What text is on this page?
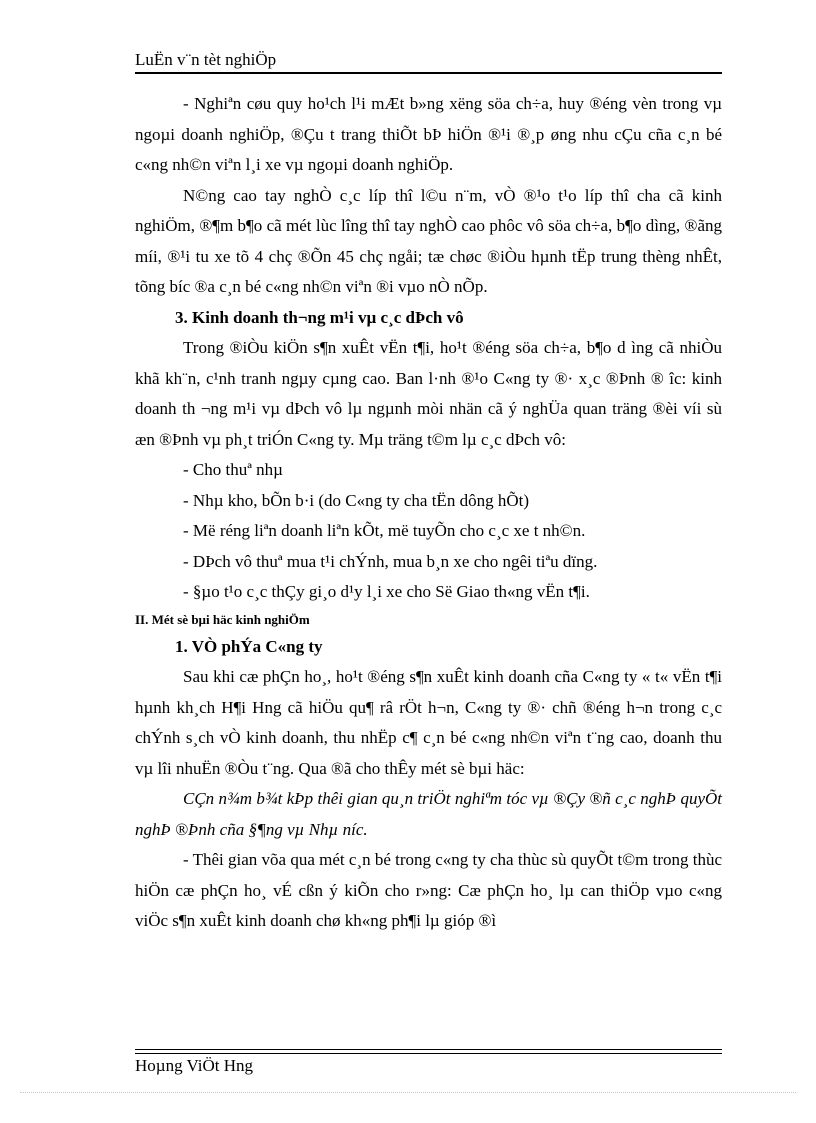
LuËn v¨n tèt nghiÖp

- Nghiªn cøu quy ho¹ch l¹i mÆt b»ng xëng söa ch÷a, huy ®éng vèn trong vµ ngoµi doanh nghiÖp, ®Çu t trang thiÕt bÞ hiÖn ®¹i ®¸p øng nhu cÇu cña c¸n bé c«ng nh©n viªn l¸i xe vµ ngoµi doanh nghiÖp.

N©ng cao tay nghÒ c¸c líp thî l©u n¨m, vÒ ®¹o t¹o líp thî cha cã kinh nghiÖm, ®¶m b¶o cã mét lùc lîng thî tay nghÒ cao phôc vô söa ch÷a, b¶o dìng, ®ãng míi, ®¹i tu xe tõ 4 chç ®Õn 45 chç ngåi; tæ chøc ®iÒu hµnh tËp trung thèng nhÊt, tõng bíc ®a c¸n bé c«ng nh©n viªn ®i vµo nÒ nÕp.

3. Kinh doanh th¬ng m¹i vµ c¸c dÞch vô

Trong ®iÒu kiÖn s¶n xuÊt vËn t¶i, ho¹t ®éng söa ch÷a, b¶o d ìng cã nhiÒu khã kh¨n, c¹nh tranh ngµy cµng cao. Ban l·nh ®¹o C«ng ty ®· x¸c ®Þnh ® îc: kinh doanh th ¬ng m¹i vµ dÞch vô lµ ngµnh mòi nhän cã ý nghÜa quan träng ®èi víi sù æn ®Þnh vµ ph¸t triÓn C«ng ty. Mµ träng t©m lµ c¸c dÞch vô:

- Cho thuª nhµ

- Nhµ kho, bÕn b·i (do C«ng ty cha tËn dông hÕt)

- Më réng liªn doanh liªn kÕt, më tuyÕn cho c¸c xe t nh©n.

- DÞch vô thuª mua t¹i chÝnh, mua b¸n xe cho ngêi tiªu dïng.

- §µo t¹o c¸c thÇy gi¸o d¹y l¸i xe cho Së Giao th«ng vËn t¶i.

II. Mét sè bµi häc kinh nghiÖm

1. VÒ phÝa C«ng ty

Sau khi cæ phÇn ho¸, ho¹t ®éng s¶n xuÊt kinh doanh cña C«ng ty « t« vËn t¶i hµnh kh¸ch H¶i Hng cã hiÖu qu¶ râ rÖt h¬n, C«ng ty ®· chñ ®éng h¬n trong c¸c chÝnh s¸ch vÒ kinh doanh, thu nhËp c¶ c¸n bé c«ng nh©n viªn t¨ng cao, doanh thu vµ lîi nhuËn ®Òu t¨ng. Qua ®ã cho thÊy mét sè bµi häc:

CÇn n¾m b¾t kÞp thêi gian qu¸n triÖt nghiªm tóc vµ ®Çy ®ñ c¸c nghÞ quyÕt nghÞ ®Þnh cña §¶ng vµ Nhµ níc.

- Thêi gian võa qua mét c¸n bé trong c«ng ty cha thùc sù quyÕt t©m trong thùc hiÖn cæ phÇn ho¸ vÉ cßn ý kiÕn cho r»ng: Cæ phÇn ho¸ lµ can thiÖp vµo c«ng viÖc s¶n xuÊt kinh doanh chø kh«ng ph¶i lµ gióp ®ì

Hoµng ViÖt Hng
